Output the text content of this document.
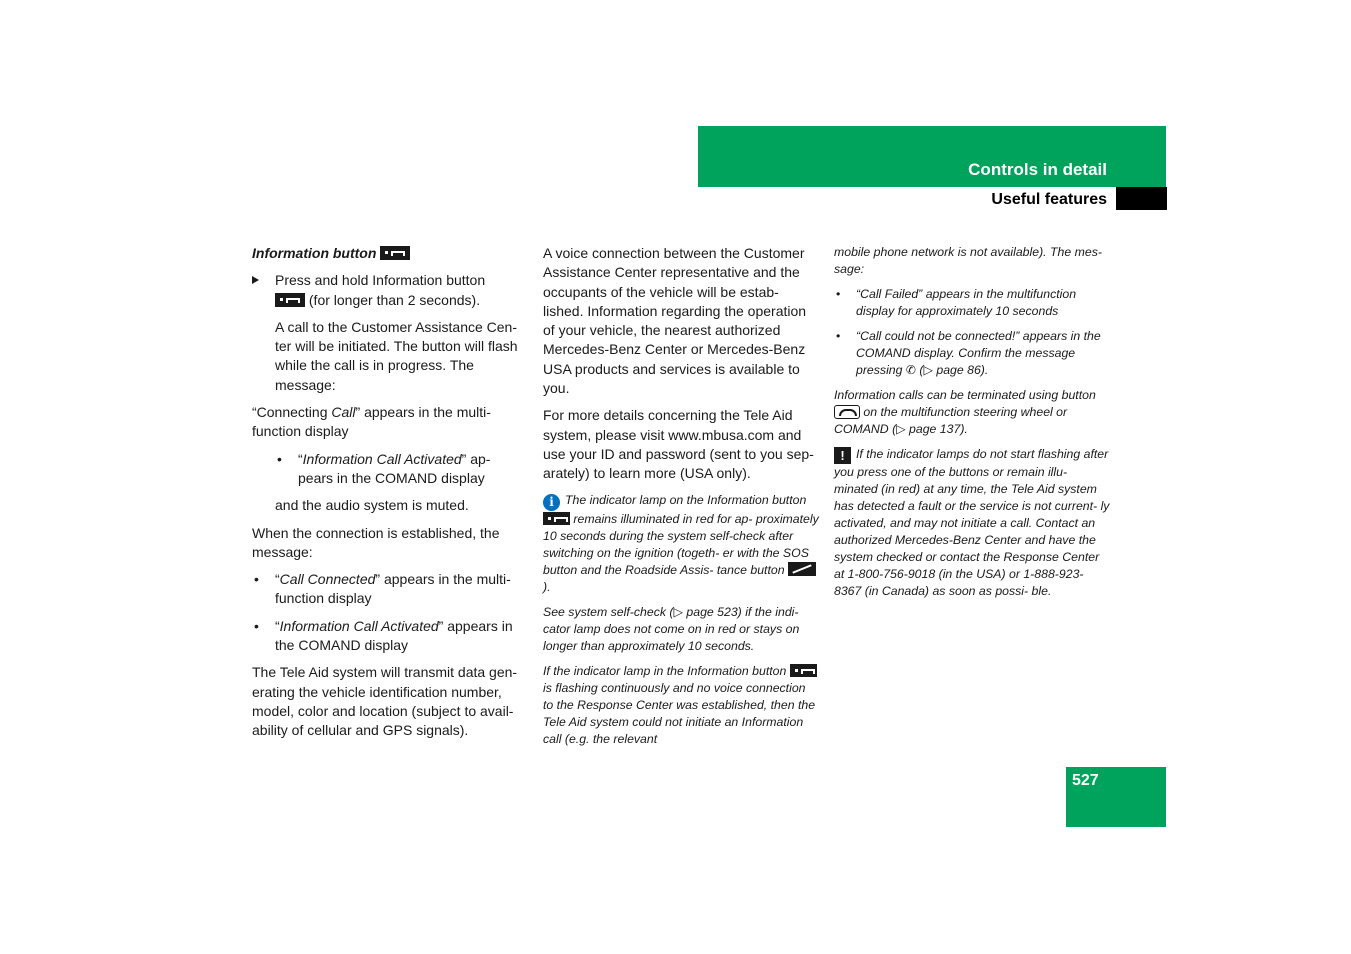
Controls in detail
Useful features

Information button

Press and hold Information button

(for longer than 2 seconds).

A call to the Customer Assistance Cen- ter will be initiated. The button will flash while the call is in progress. The message:

“Connecting Call” appears in the multi- function display

• “Information Call Activated” ap- pears in the COMAND display

and the audio system is muted.

When the connection is established, the message:

• “Call Connected” appears in the multi- function display

• “Information Call Activated” appears in the COMAND display

The Tele Aid system will transmit data gen- erating the vehicle identification number, model, color and location (subject to avail- ability of cellular and GPS signals).

A voice connection between the Customer Assistance Center representative and the occupants of the vehicle will be estab- lished. Information regarding the operation of your vehicle, the nearest authorized Mercedes-Benz Center or Mercedes-Benz USA products and services is available to you.

For more details concerning the Tele Aid system, please visit www.mbusa.com and use your ID and password (sent to you sep- arately) to learn more (USA only).

i The indicator lamp on the Information button
remains illuminated in red for ap- proximately 10 seconds during the system self-check after switching on the ignition (togeth- er with the SOS button and the Roadside Assis- tance button
).

See system self-check (▷ page 523) if the indi- cator lamp does not come on in red or stays on longer than approximately 10 seconds.

If the indicator lamp in the Information button
is flashing continuously and no voice connection to the Response Center was established, then the Tele Aid system could not initiate an Information call (e.g. the relevant

mobile phone network is not available). The mes- sage:

• “Call Failed” appears in the multifunction display for approximately 10 seconds

• “Call could not be connected!” appears in the COMAND display. Confirm the message pressing ✆ (▷ page 86).

Information calls can be terminated using button

on the multifunction steering wheel or COMAND (▷ page 137).

! If the indicator lamps do not start flashing after you press one of the buttons or remain illu- minated (in red) at any time, the Tele Aid system has detected a fault or the service is not current- ly activated, and may not initiate a call. Contact an authorized Mercedes-Benz Center and have the system checked or contact the Response Center at 1-800-756-9018 (in the USA) or 1-888-923-8367 (in Canada) as soon as possi- ble.

527
